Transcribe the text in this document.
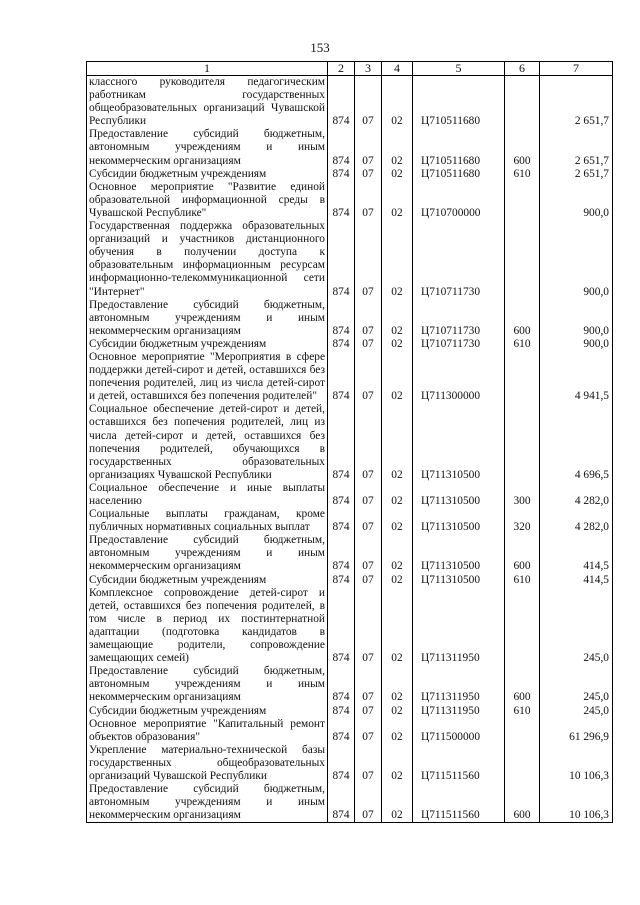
153
1	2	3	4	5	6	7
классного руководителя педагогическим работникам государственных общеобразовательных организаций Чувашской Республики	874	07	02	Ц710511680		2 651,7
Предоставление субсидий бюджетным, автономным учреждениям и иным некоммерческим организациям	874	07	02	Ц710511680	600	2 651,7
Субсидии бюджетным учреждениям	874	07	02	Ц710511680	610	2 651,7
Основное мероприятие "Развитие единой образовательной информационной среды в Чувашской Республике"	874	07	02	Ц710700000		900,0
Государственная поддержка образовательных организаций и участников дистанционного обучения в получении доступа к образовательным информационным ресурсам информационно-телекоммуникационной сети "Интернет"	874	07	02	Ц710711730		900,0
Предоставление субсидий бюджетным, автономным учреждениям и иным некоммерческим организациям	874	07	02	Ц710711730	600	900,0
Субсидии бюджетным учреждениям	874	07	02	Ц710711730	610	900,0
Основное мероприятие "Мероприятия в сфере поддержки детей-сирот и детей, оставшихся без попечения родителей, лиц из числа детей-сирот и детей, оставшихся без попечения родителей"	874	07	02	Ц711300000		4 941,5
Социальное обеспечение детей-сирот и детей, оставшихся без попечения родителей, лиц из числа детей-сирот и детей, оставшихся без попечения родителей, обучающихся в государственных образовательных организациях Чувашской Республики	874	07	02	Ц711310500		4 696,5
Социальное обеспечение и иные выплаты населению	874	07	02	Ц711310500	300	4 282,0
Социальные выплаты гражданам, кроме публичных нормативных социальных выплат	874	07	02	Ц711310500	320	4 282,0
Предоставление субсидий бюджетным, автономным учреждениям и иным некоммерческим организациям	874	07	02	Ц711310500	600	414,5
Субсидии бюджетным учреждениям	874	07	02	Ц711310500	610	414,5
Комплексное сопровождение детей-сирот и детей, оставшихся без попечения родителей, в том числе в период их постинтернатной адаптации (подготовка кандидатов в замещающие родители, сопровождение замещающих семей)	874	07	02	Ц711311950		245,0
Предоставление субсидий бюджетным, автономным учреждениям и иным некоммерческим организациям	874	07	02	Ц711311950	600	245,0
Субсидии бюджетным учреждениям	874	07	02	Ц711311950	610	245,0
Основное мероприятие "Капитальный ремонт объектов образования"	874	07	02	Ц711500000		61 296,9
Укрепление материально-технической базы государственных общеобразовательных организаций Чувашской Республики	874	07	02	Ц711511560		10 106,3
Предоставление субсидий бюджетным, автономным учреждениям и иным некоммерческим организациям	874	07	02	Ц711511560	600	10 106,3
